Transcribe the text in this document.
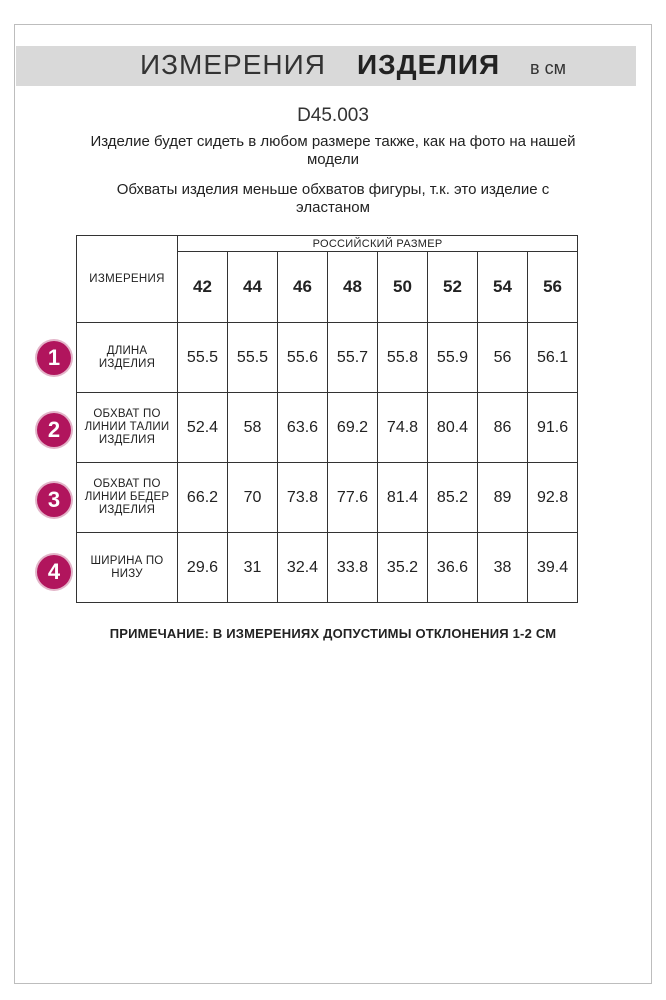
ИЗМЕРЕНИЯ ИЗДЕЛИЯ в см
D45.003
Изделие будет сидеть в любом размере также, как на фото на нашей модели
Обхваты изделия меньше обхватов фигуры, т.к. это изделие с эластаном
ИЗМЕРЕНИЯ	РОССИЙСКИЙ РАЗМЕР							
	42	44	46	48	50	52	54	56
ДЛИНА ИЗДЕЛИЯ	55.5	55.5	55.6	55.7	55.8	55.9	56	56.1
ОБХВАТ ПО ЛИНИИ ТАЛИИ ИЗДЕЛИЯ	52.4	58	63.6	69.2	74.8	80.4	86	91.6
ОБХВАТ ПО ЛИНИИ БЕДЕР ИЗДЕЛИЯ	66.2	70	73.8	77.6	81.4	85.2	89	92.8
ШИРИНА ПО НИЗУ	29.6	31	32.4	33.8	35.2	36.6	38	39.4
1
2
3
4
ПРИМЕЧАНИЕ: В ИЗМЕРЕНИЯХ ДОПУСТИМЫ ОТКЛОНЕНИЯ 1-2 СМ
